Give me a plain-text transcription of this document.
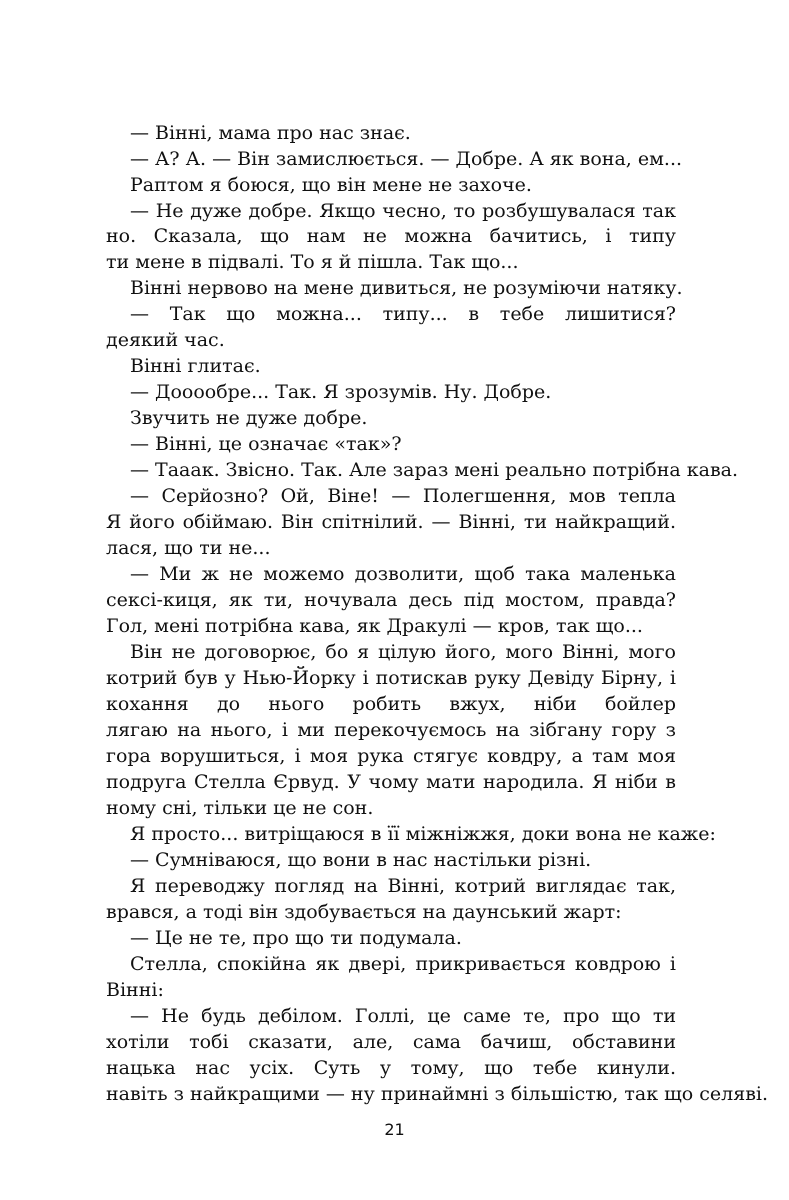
— Вінні, мама про нас знає.
— А? А. — Він замислюється. — Добре. А як вона, ем...
Раптом я боюся, що він мене не захоче.
— Не дуже добре. Якщо чесно, то розбушувалася так
но. Сказала, що нам не можна бачитись, і типу
ти мене в підвалі. То я й пішла. Так що...
Вінні нервово на мене дивиться, не розуміючи натяку.
— Так що можна... типу... в тебе лишитися?
деякий час.
Вінні глитає.
— Дооообре... Так. Я зрозумів. Ну. Добре.
Звучить не дуже добре.
— Вінні, це означає «так»?
— Тааак. Звісно. Так. Але зараз мені реально потрібна кава.
— Серйозно? Ой, Віне! — Полегшення, мов тепла
Я його обіймаю. Він спітнілий. — Вінні, ти найкращий.
лася, що ти не...
— Ми ж не можемо дозволити, щоб така маленька
сексі-киця, як ти, ночувала десь під мостом, правда?
Гол, мені потрібна кава, як Дракулі — кров, так що...
Він не договорює, бо я цілую його, мого Вінні, мого
котрий був у Нью-Йорку і потискав руку Девіду Бірну, і
кохання до нього робить вжух, ніби бойлер
лягаю на нього, і ми перекочуємось на зібгану гору з
гора ворушиться, і моя рука стягує ковдру, а там моя
подруга Стелла Єрвуд. У чому мати народила. Я ніби в
ному сні, тільки це не сон.
Я просто... витріщаюся в її міжніжжя, доки вона не каже:
— Сумніваюся, що вони в нас настільки різні.
Я переводжу погляд на Вінні, котрий виглядає так,
врався, а тоді він здобувається на даунський жарт:
— Це не те, про що ти подумала.
Стелла, спокійна як двері, прикривається ковдрою і
Вінні:
— Не будь дебілом. Голлі, це саме те, про що ти
хотіли тобі сказати, але, сама бачиш, обставини
нацька нас усіх. Суть у тому, що тебе кинули.
навіть з найкращими — ну принаймні з більшістю, так що селяві.
21
